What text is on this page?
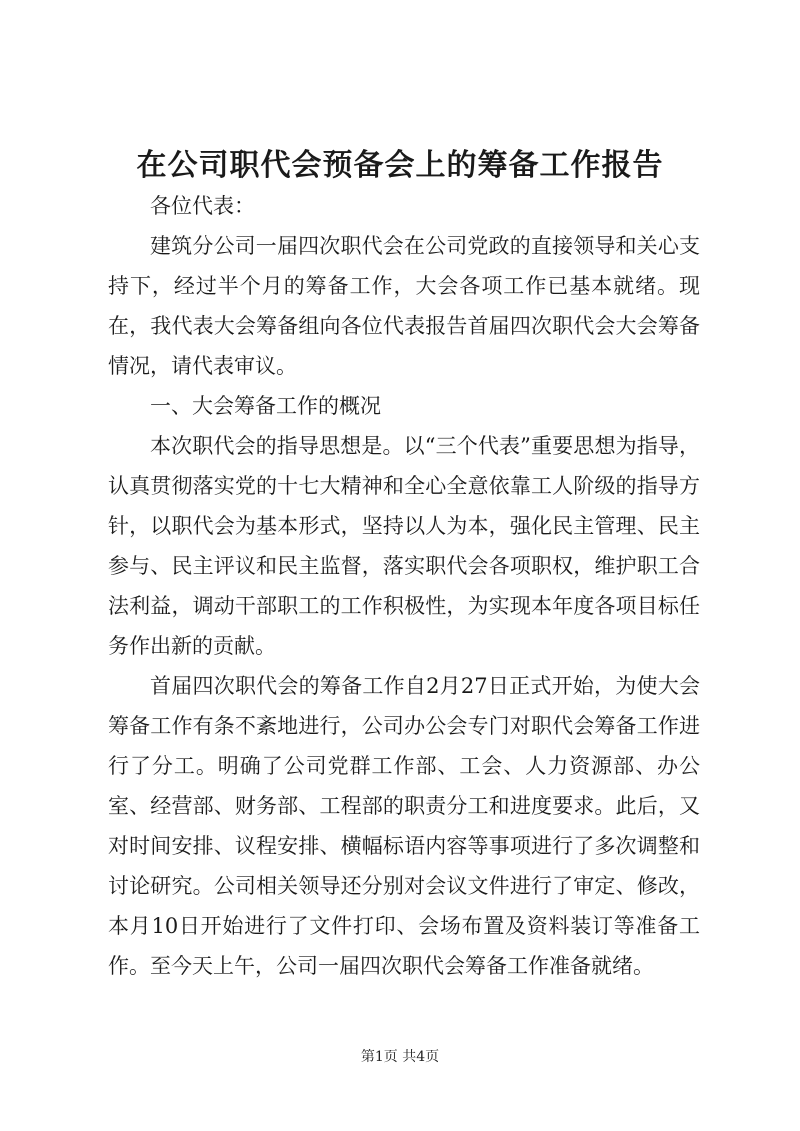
在公司职代会预备会上的筹备工作报告

各位代表：

建筑分公司一届四次职代会在公司党政的直接领导和关心支持下，经过半个月的筹备工作，大会各项工作已基本就绪。现在，我代表大会筹备组向各位代表报告首届四次职代会大会筹备情况，请代表审议。

一、大会筹备工作的概况

本次职代会的指导思想是。以“三个代表”重要思想为指导，认真贯彻落实党的十七大精神和全心全意依靠工人阶级的指导方针，以职代会为基本形式，坚持以人为本，强化民主管理、民主参与、民主评议和民主监督，落实职代会各项职权，维护职工合法利益，调动干部职工的工作积极性，为实现本年度各项目标任务作出新的贡献。

首届四次职代会的筹备工作自2月27日正式开始，为使大会筹备工作有条不紊地进行，公司办公会专门对职代会筹备工作进行了分工。明确了公司党群工作部、工会、人力资源部、办公室、经营部、财务部、工程部的职责分工和进度要求。此后，又对时间安排、议程安排、横幅标语内容等事项进行了多次调整和讨论研究。公司相关领导还分别对会议文件进行了审定、修改，本月10日开始进行了文件打印、会场布置及资料装订等准备工作。至今天上午，公司一届四次职代会筹备工作准备就绪。

第1页 共4页
